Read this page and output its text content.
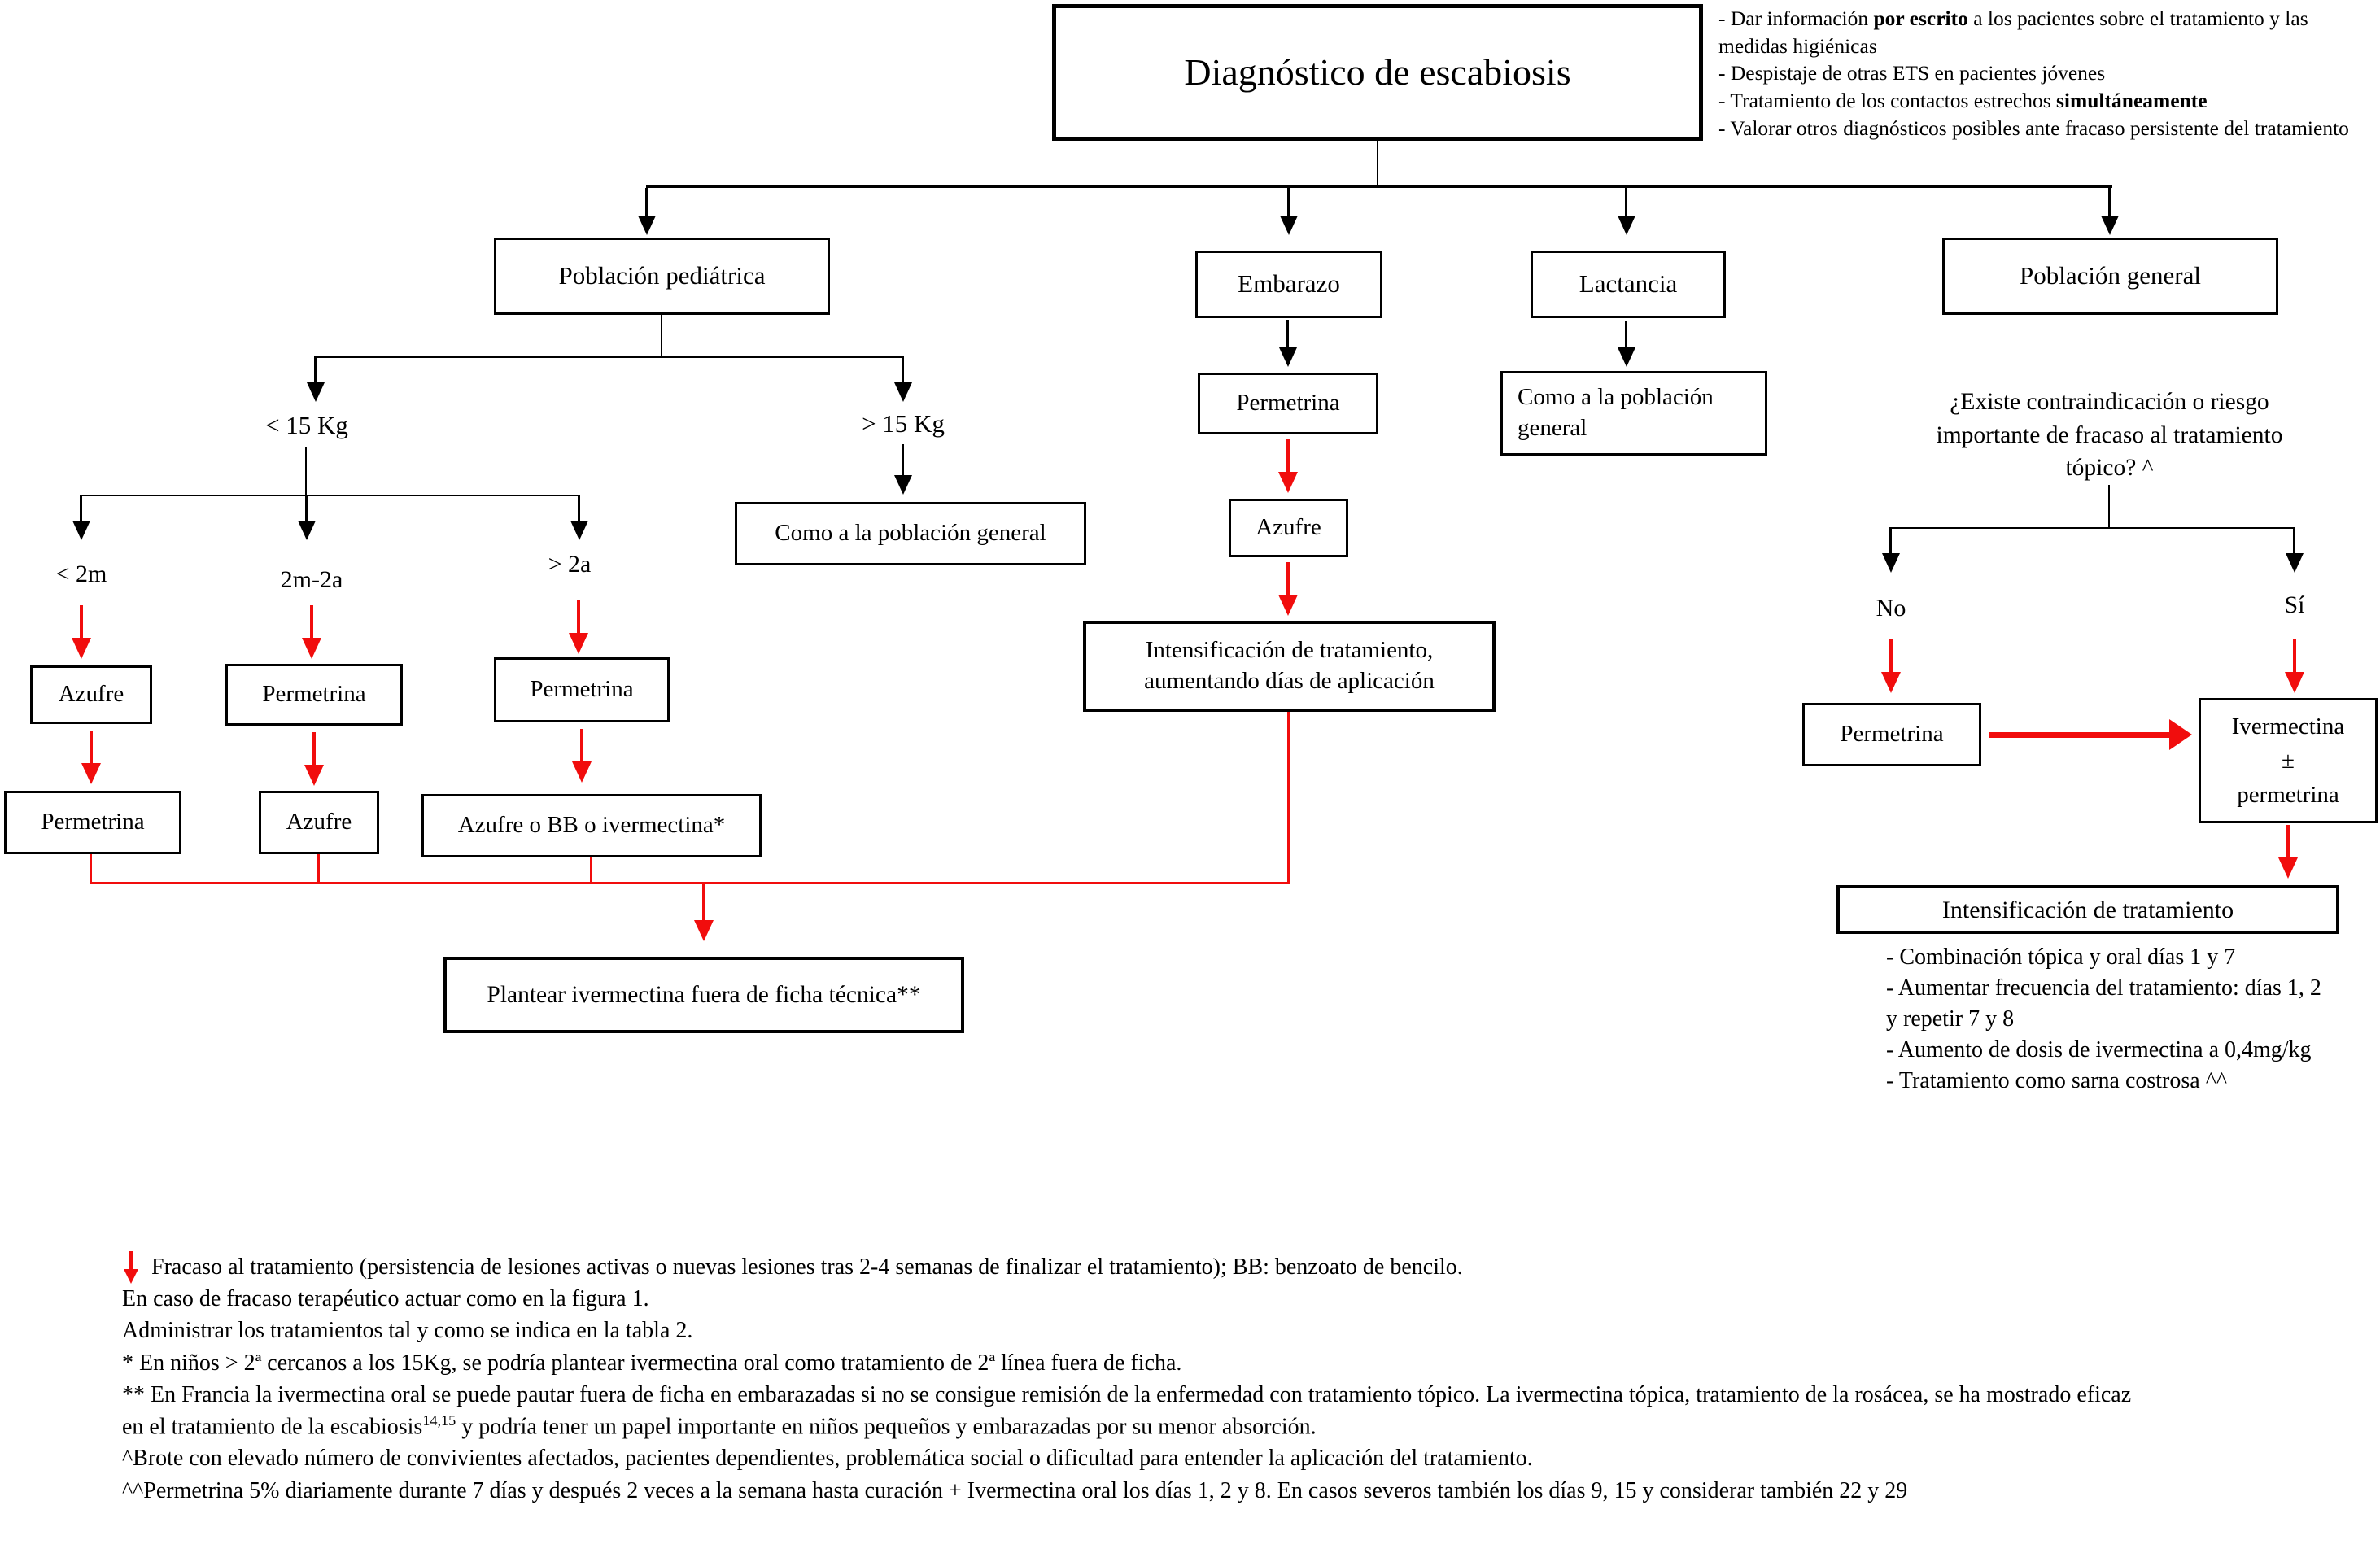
Diagnóstico de escabiosis
- Dar información por escrito a los pacientes sobre el tratamiento y las medidas higiénicas
- Despistaje de otras ETS en pacientes jóvenes
- Tratamiento de los contactos estrechos simultáneamente
- Valorar otros diagnósticos posibles ante fracaso persistente del tratamiento
Población pediátrica	Embarazo	Lactancia	Población general
< 15 Kg	> 15 Kg
Como a la población general
< 2m	2m-2a
> 2a
Azufre
Permetrina
Permetrina
Azufre
Permetrina
Azufre o BB o ivermectina*
Permetrina
Azufre
Intensificación de tratamiento,
aumentando días de aplicación
Como a la población
general
¿Existe contraindicación o riesgo
importante de fracaso al tratamiento
tópico? ^
No	Sí
Permetrina	Ivermectina
±
permetrina
Intensificación de tratamiento
- Combinación tópica y oral días 1 y 7
- Aumentar frecuencia del tratamiento: días 1, 2 y repetir 7 y 8
- Aumento de dosis de ivermectina a 0,4mg/kg
- Tratamiento como sarna costrosa ^^
Plantear ivermectina fuera de ficha técnica**
Fracaso al tratamiento (persistencia de lesiones activas o nuevas lesiones tras 2-4 semanas de finalizar el tratamiento); BB: benzoato de bencilo.
En caso de fracaso terapéutico actuar como en la figura 1.
Administrar los tratamientos tal y como se indica en la tabla 2.
* En niños > 2ª cercanos a los 15Kg, se podría plantear ivermectina oral como tratamiento de 2ª línea fuera de ficha.
** En Francia la ivermectina oral se puede pautar fuera de ficha en embarazadas si no se consigue remisión de la enfermedad con tratamiento tópico. La ivermectina tópica, tratamiento de la rosácea, se ha mostrado eficaz en el tratamiento de la escabiosis$^{14,15}$ y podría tener un papel importante en niños pequeños y embarazadas por su menor absorción.
^Brote con elevado número de convivientes afectados, pacientes dependientes, problemática social o dificultad para entender la aplicación del tratamiento.
^^Permetrina 5% diariamente durante 7 días y después 2 veces a la semana hasta curación + Ivermectina oral los días 1, 2 y 8. En casos severos también los días 9, 15 y considerar también 22 y 29
